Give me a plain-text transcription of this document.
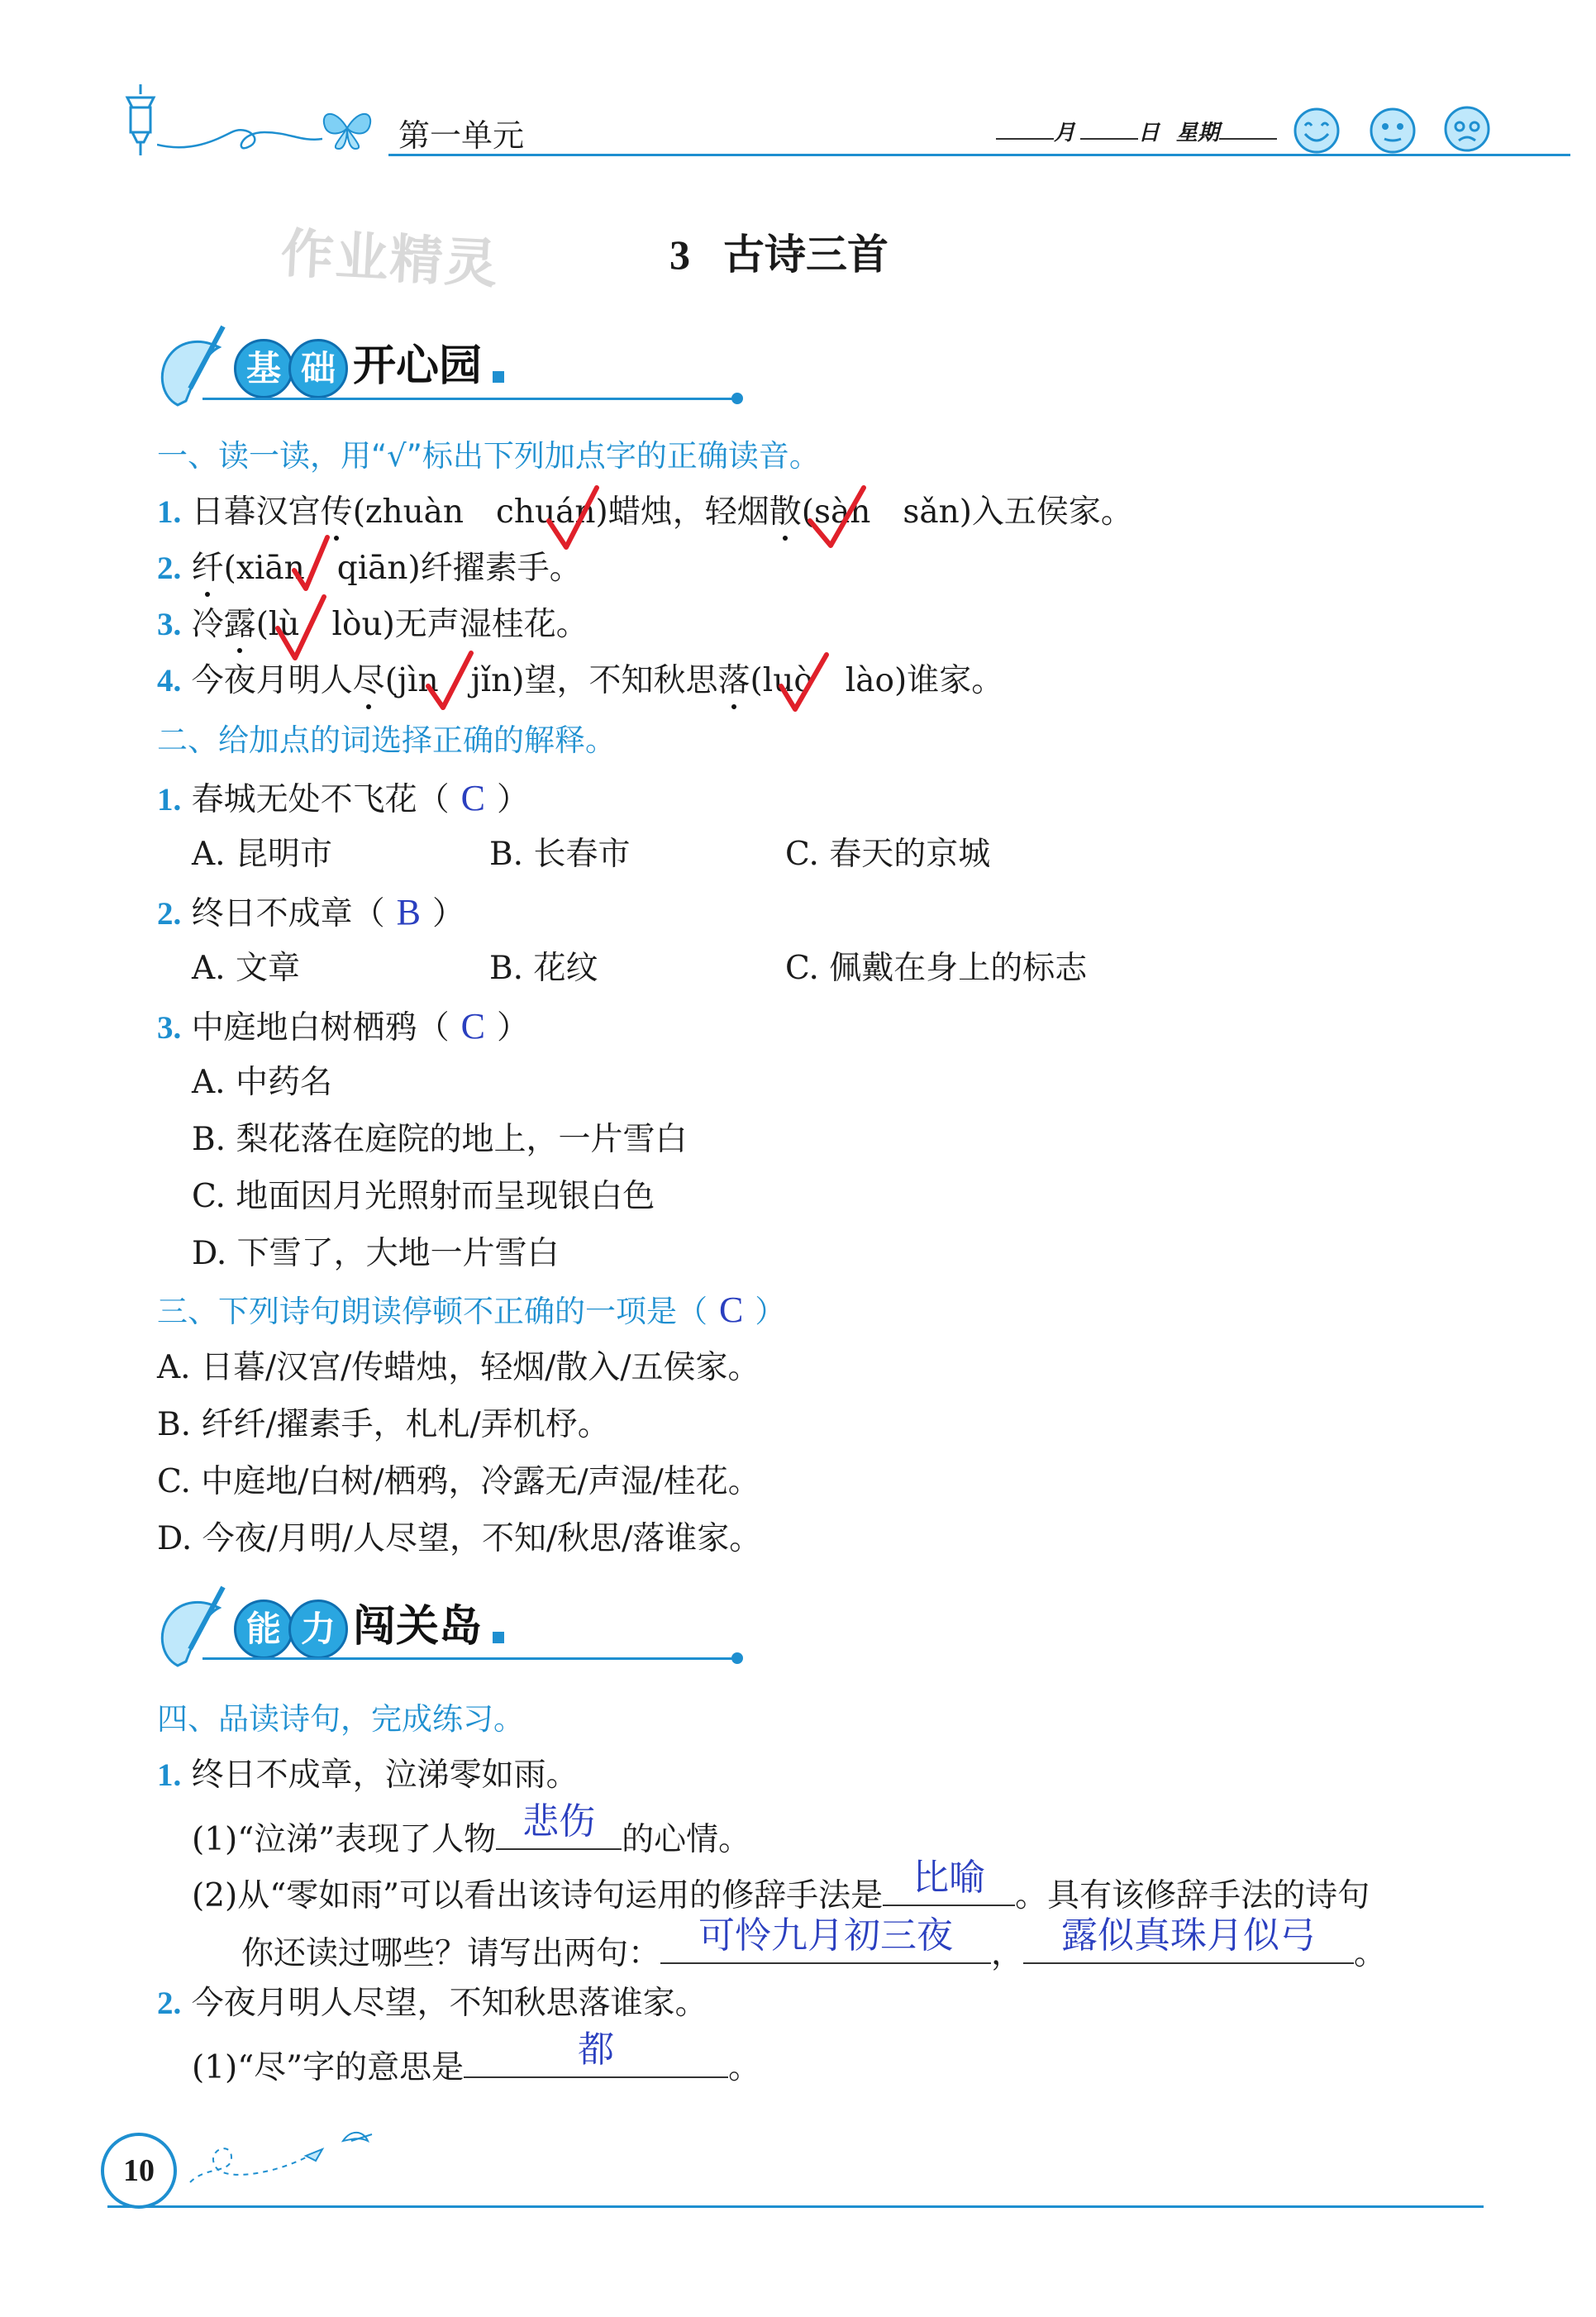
第一单元	月	日 星期
作业精灵	3 古诗三首
基 础 开心园
一、读一读，用“√”标出下列加点字的正确读音。
1. 日暮汉宫传(zhuàn　chuán)蜡烛，轻烟散(sàn　sǎn)入五侯家。
2. 纤(xiān　qiān)纤擢素手。
3. 冷露(lù　lòu)无声湿桂花。
4. 今夜月明人尽(jìn　jǐn)望，不知秋思落(luò　lào)谁家。
二、给加点的词选择正确的解释。
1. 春城无处不飞花（ C ）
A. 昆明市	B. 长春市	C. 春天的京城
2. 终日不成章（ B ）
A. 文章	B. 花纹	C. 佩戴在身上的标志
3. 中庭地白树栖鸦（ C ）
A. 中药名
B. 梨花落在庭院的地上，一片雪白
C. 地面因月光照射而呈现银白色
D. 下雪了，大地一片雪白
三、下列诗句朗读停顿不正确的一项是（ C ）
A. 日暮/汉宫/传蜡烛，轻烟/散入/五侯家。
B. 纤纤/擢素手，札札/弄机杼。
C. 中庭地/白树/栖鸦，冷露无/声湿/桂花。
D. 今夜/月明/人尽望，不知/秋思/落谁家。
能 力 闯关岛
四、品读诗句，完成练习。
1. 终日不成章，泣涕零如雨。
(1)“泣涕”表现了人物 悲伤 的心情。
(2)从“零如雨”可以看出该诗句运用的修辞手法是 比喻 。具有该修辞手法的诗句
你还读过哪些？请写出两句：	可怜九月初三夜	，	露似真珠月似弓	。
2. 今夜月明人尽望，不知秋思落谁家。
(1)“尽”字的意思是	都	。
10
